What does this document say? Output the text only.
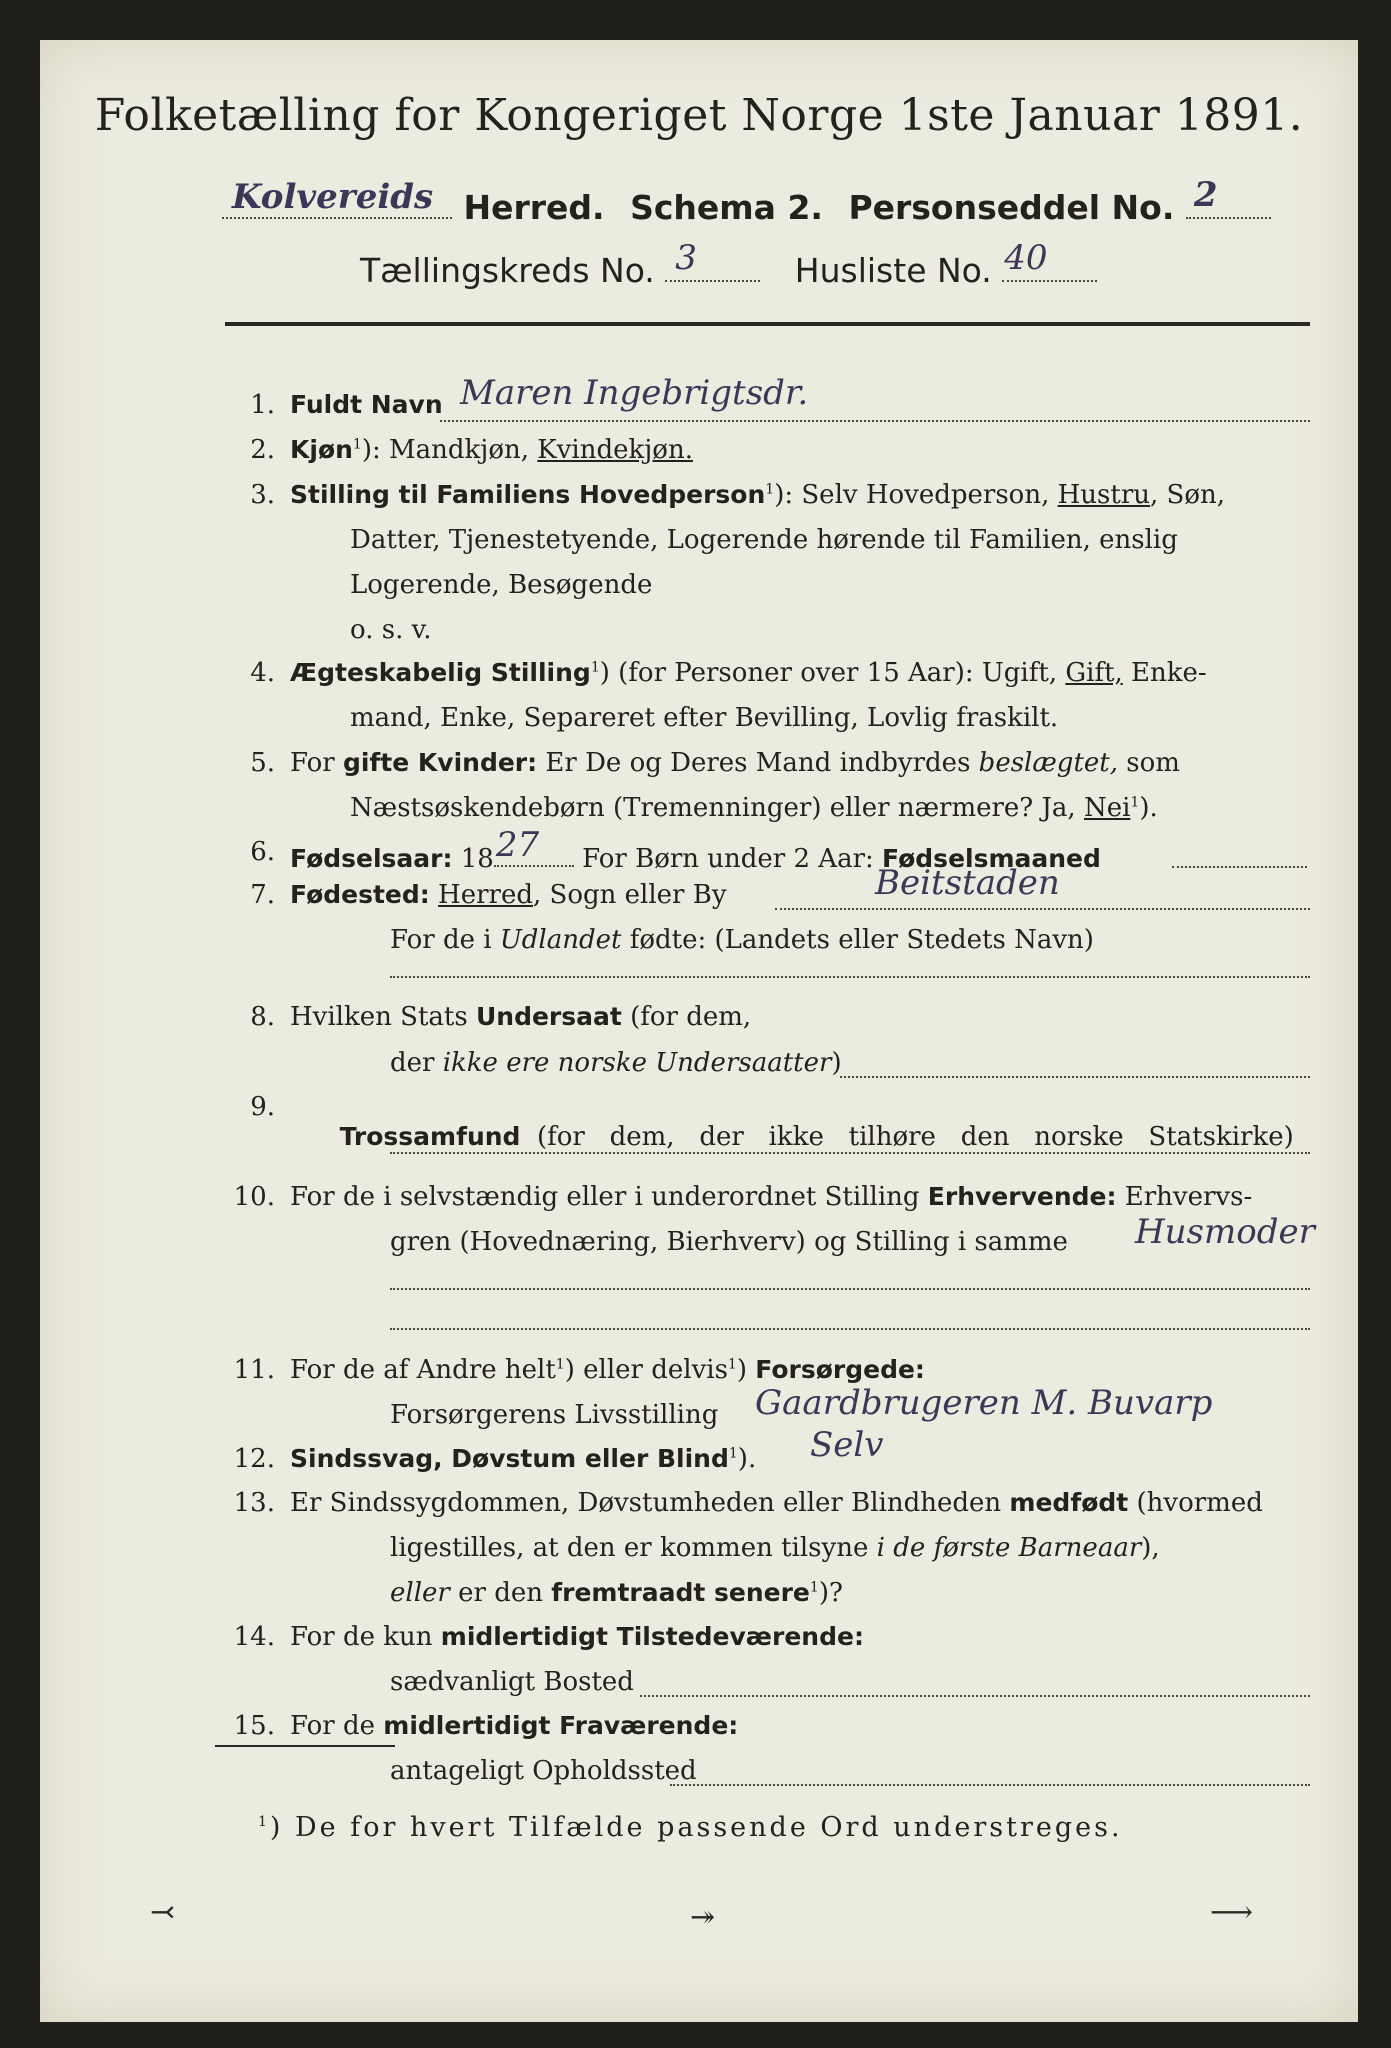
Folketælling for Kongeriget Norge 1ste Januar 1891.
Kolvereids Herred. Schema 2. Personseddel No. 2
Tællingskreds No. 3	Husliste No. 40
1. Fuldt Navn Maren Ingebrigtsdr.
2. Kjøn$^1$): Mandkjøn, Kvindekjøn.
3. Stilling til Familiens Hovedperson$^1$): Selv Hovedperson, Hustru, Søn,
Datter, Tjenestetyende, Logerende hørende til Familien, enslig
Logerende, Besøgende
o. s. v.
4. Ægteskabelig Stilling$^1$) (for Personer over 15 Aar): Ugift, Gift, Enke-
mand, Enke, Separeret efter Bevilling, Lovlig fraskilt.
5. For gifte Kvinder: Er De og Deres Mand indbyrdes beslægtet, som
Næstsøskendebørn (Tremenninger) eller nærmere? Ja, Nei$^1$).
6. Fødselsaar: 18 27 For Børn under 2 Aar: Fødselsmaaned
7. Fødested: Herred, Sogn eller By	Beitstaden
For de i Udlandet fødte: (Landets eller Stedets Navn)
8. Hvilken Stats Undersaat (for dem,
der ikke ere norske Undersaatter)
9.

Trossamfund  (for   dem,   der   ikke   tilhøre   den   norske   Statskirke)

10. For de i selvstændig eller i underordnet Stilling Erhvervende: Erhvervs-
gren (Hovednæring, Bierhverv) og Stilling i samme Husmoder
11. For de af Andre helt$^1$) eller delvis$^1$) Forsørgede:
Forsørgerens Livsstilling Gaardbrugeren M. Buvarp
12. Sindssvag, Døvstum eller Blind$^1$). Selv
13. Er Sindssygdommen, Døvstumheden eller Blindheden medfødt (hvormed
ligestilles, at den er kommen tilsyne i de første Barneaar),
eller er den fremtraadt senere$^1$)?
14. For de kun midlertidigt Tilstedeværende:
sædvanligt Bosted
15. For de midlertidigt Fraværende:
antageligt Opholdssted
$^1$) De for hvert Tilfælde passende Ord understreges.
⤙	↠	⟶
